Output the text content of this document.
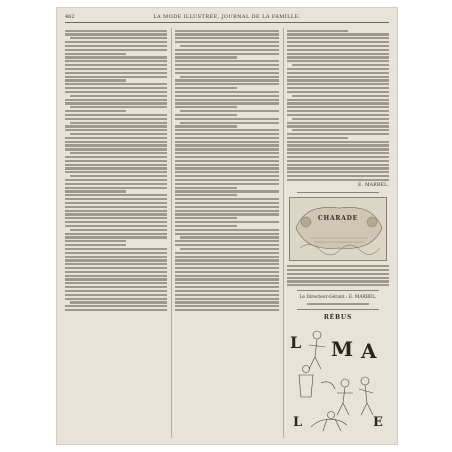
462	LA MODE ILLUSTRÉE, JOURNAL DE LA FAMILLE.
E. MARBEL.
CHARADE
Le Directeur-Gérant : E. MARBEL.
RÉBUS
L M A
L	E
